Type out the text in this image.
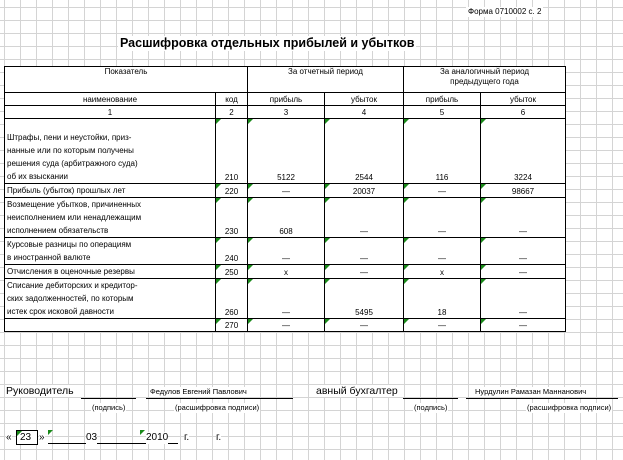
Форма 0710002 с. 2
Расшифровка отдельных прибылей и убытков
Показатель		За отчетный период		За аналогичный период
предыдущего года	

наименование	код	прибыль	убыток	прибыль	убыток
1	2	3	4	5	6

Штрафы, пени и неустойки, приз-
нанные или по которым получены
решения суда (арбитражного суда)
об их взыскании	210	5122	2544	116	3224

Прибыль (убыток) прошлых лет	220	—	20037	—	98667

Возмещение убытков, причиненных
неисполнением или ненадлежащим
исполнением обязательств	230	608	—	—	—

Курсовые разницы по операциям
в иностранной валюте	240	—	—	—	—

Отчисления в оценочные резервы	250	x	—	x	—

Списание дебиторских и кредитор-
ских задолженностей, по которым
истек срок исковой давности	260	—	5495	18	—

270	—	—	—	—
Руководитель	Федулов Евгений Павлович
(подпись)	(расшифровка подписи)
авный бухгалтер	Нурдулин Рамазан Маннанович
(подпись)	(расшифровка подписи)
« 23 »	03	2010 г.	г.
